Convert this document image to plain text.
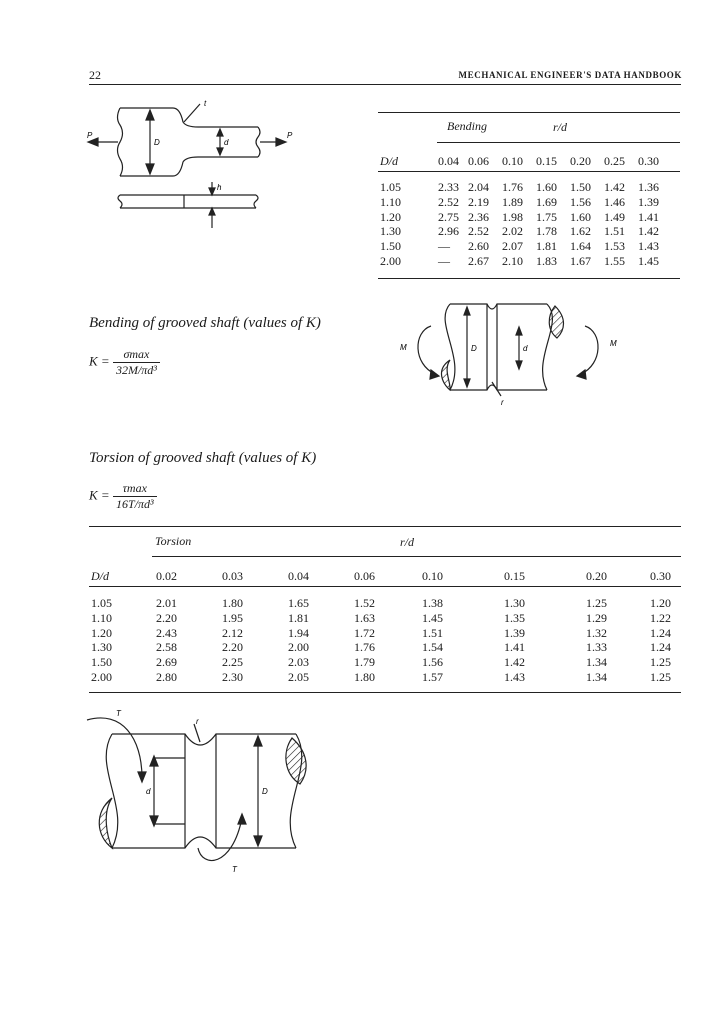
22	MECHANICAL ENGINEER'S DATA HANDBOOK
t
P	P
D	d
h
Bending	r/d
D/d	0.04 0.06 0.10 0.15 0.20 0.25 0.30
1.05	2.33 2.04 1.76 1.60 1.50 1.42 1.36
1.10	2.52 2.19 1.89 1.69 1.56 1.46 1.39
1.20	2.75 2.36 1.98 1.75 1.60 1.49 1.41
1.30	2.96 2.52 2.02 1.78 1.62 1.51 1.42
1.50	— 2.60 2.07 1.81 1.64 1.53 1.43
2.00	— 2.67 2.10 1.83 1.67 1.55 1.45
Bending of grooved shaft (values of K)
$K = \frac{\sigma\max}{\text{32M/πd³}}$	M	M
D	d
r
Torsion of grooved shaft (values of K)
$K = \frac{\tau\max}{\text{16T/πd³}}$
Torsion	r/d
D/d	0.02	0.03	0.04	0.06	0.10	0.15	0.20	0.30
1.05	2.01	1.80	1.65	1.52	1.38	1.30	1.25	1.20
1.10	2.20	1.95	1.81	1.63	1.45	1.35	1.29	1.22
1.20	2.43	2.12	1.94	1.72	1.51	1.39	1.32	1.24
1.30	2.58	2.20	2.00	1.76	1.54	1.41	1.33	1.24
1.50	2.69	2.25	2.03	1.79	1.56	1.42	1.34	1.25
2.00	2.80	2.30	2.05	1.80	1.57	1.43	1.34	1.25
T
T
r
d	D
